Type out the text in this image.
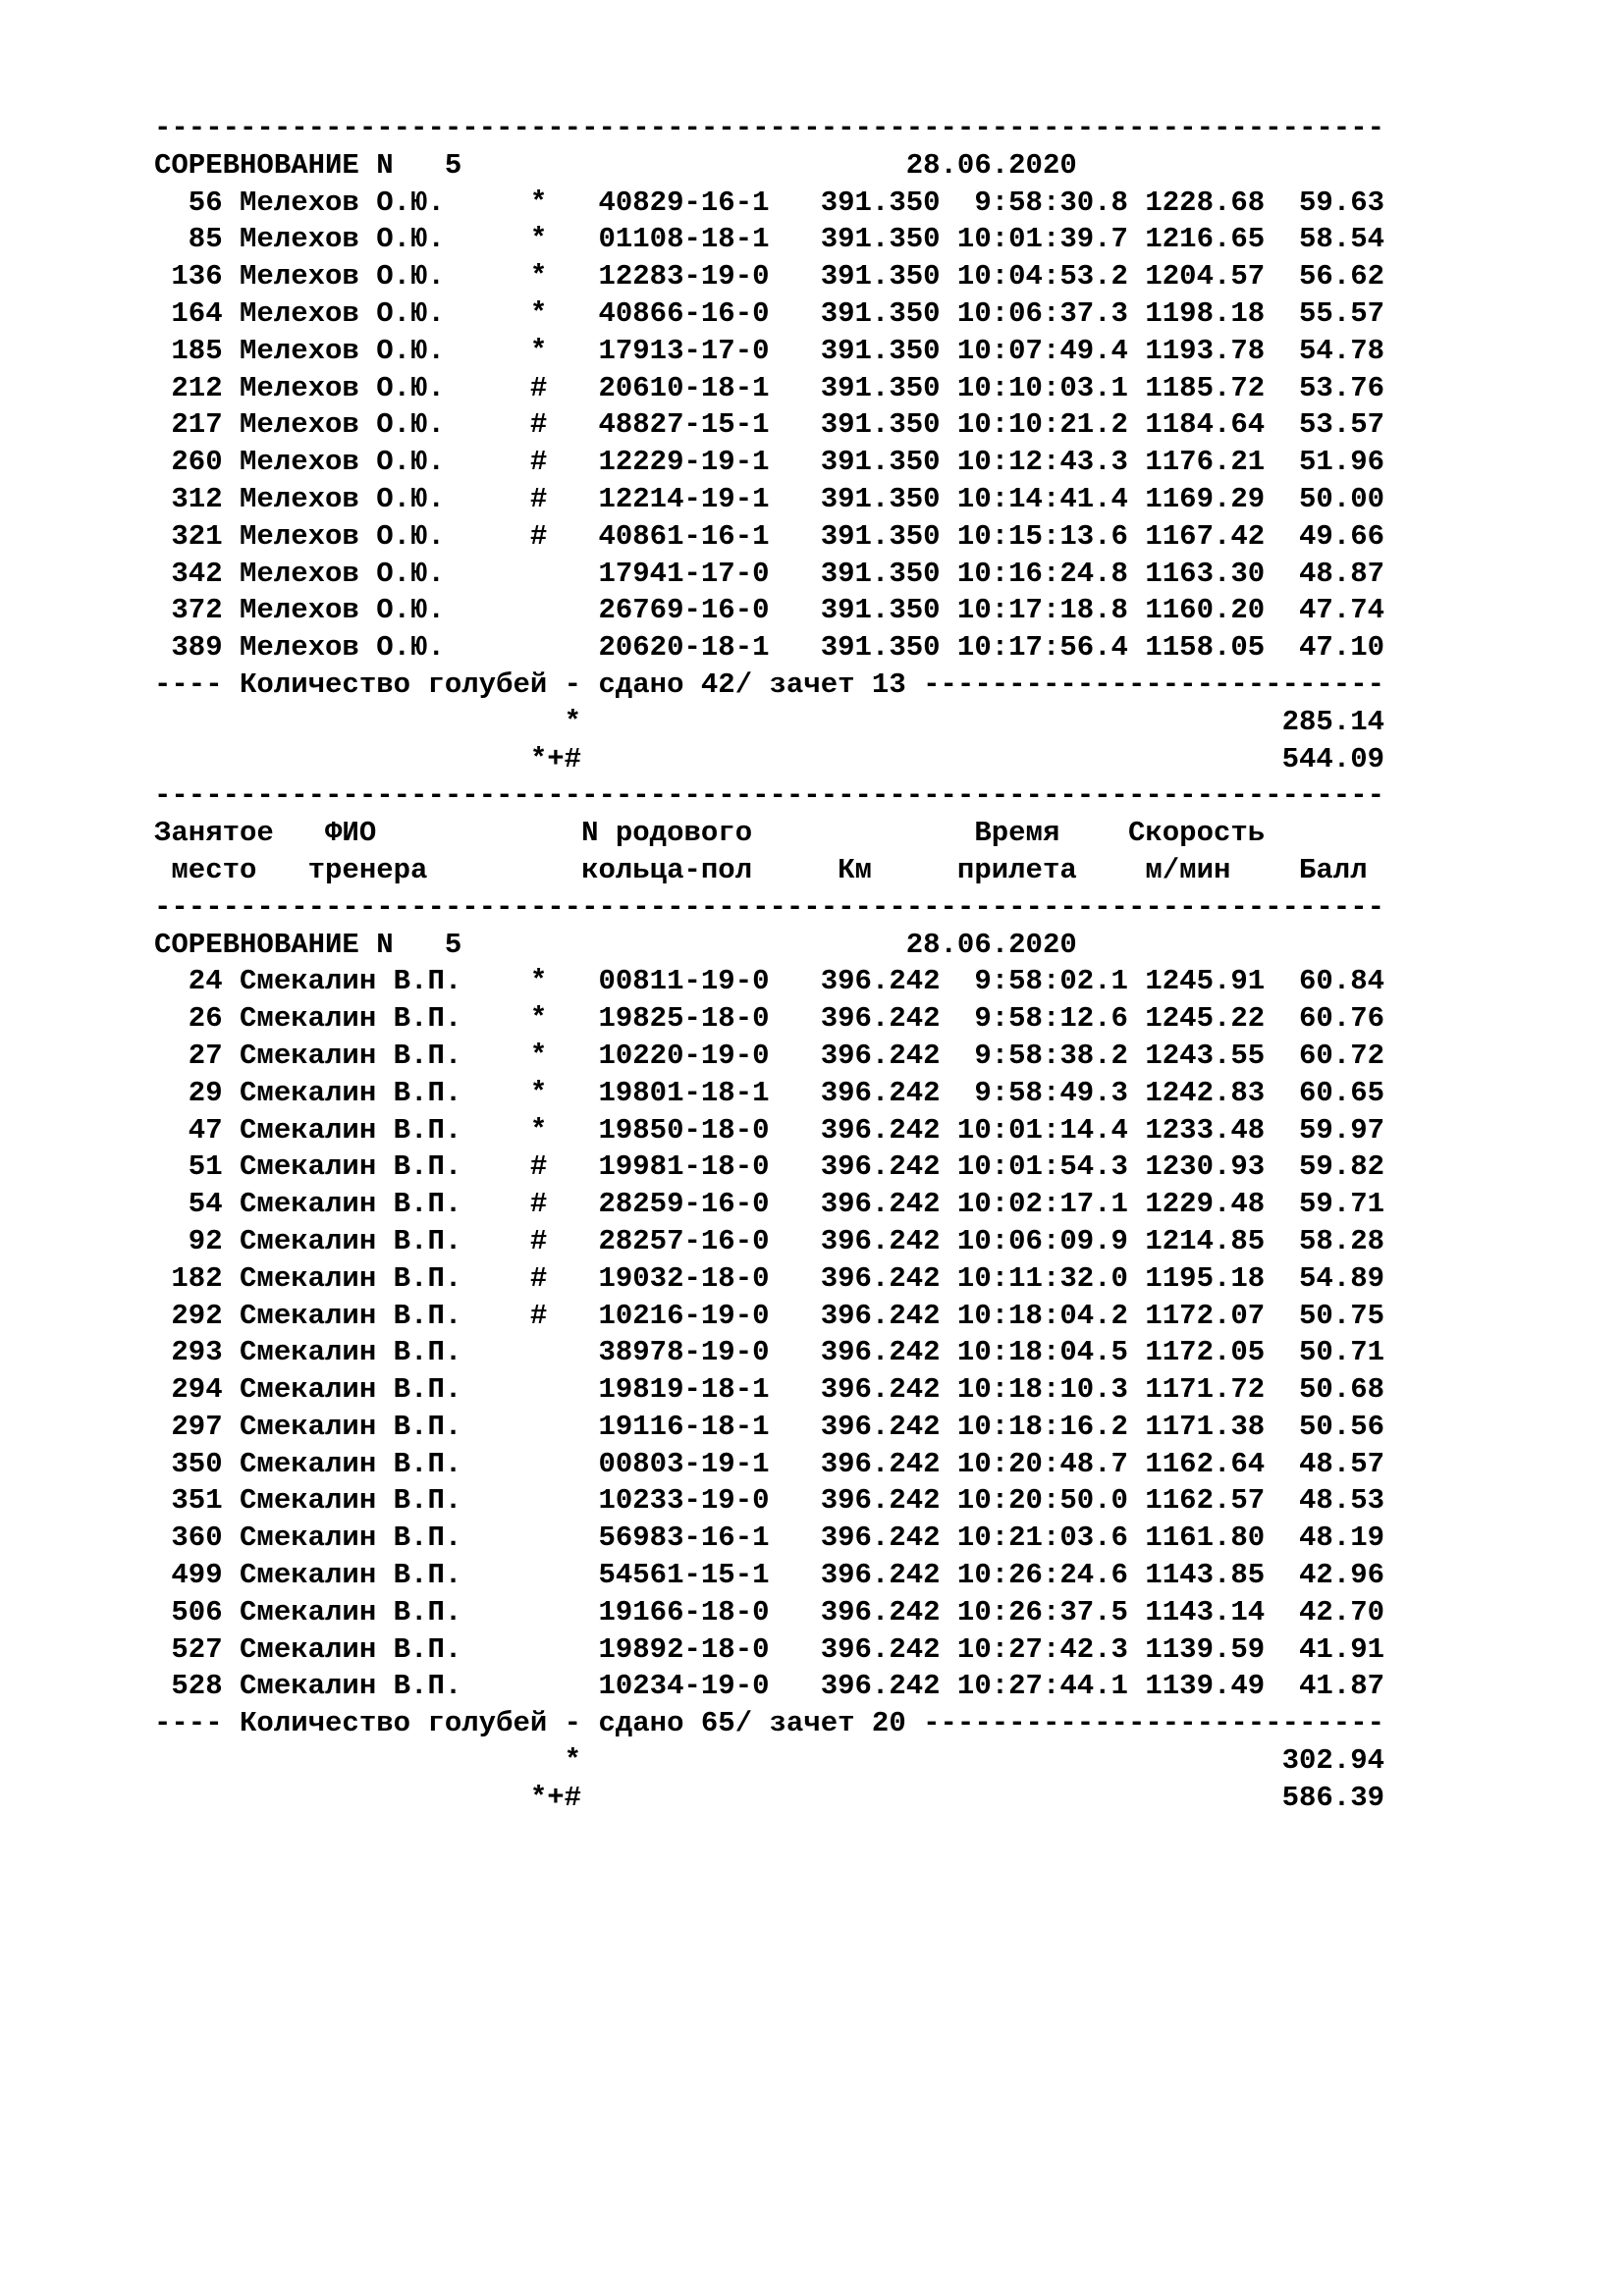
------------------------------------------------------------------------
СОРЕВНОВАНИЕ N   5                          28.06.2020
56 Мелехов О.Ю.     *   40829-16-1   391.350  9:58:30.8 1228.68  59.63
85 Мелехов О.Ю.     *   01108-18-1   391.350 10:01:39.7 1216.65  58.54
136 Мелехов О.Ю.     *   12283-19-0   391.350 10:04:53.2 1204.57  56.62
164 Мелехов О.Ю.     *   40866-16-0   391.350 10:06:37.3 1198.18  55.57
185 Мелехов О.Ю.     *   17913-17-0   391.350 10:07:49.4 1193.78  54.78
212 Мелехов О.Ю.     #   20610-18-1   391.350 10:10:03.1 1185.72  53.76
217 Мелехов О.Ю.     #   48827-15-1   391.350 10:10:21.2 1184.64  53.57
260 Мелехов О.Ю.     #   12229-19-1   391.350 10:12:43.3 1176.21  51.96
312 Мелехов О.Ю.     #   12214-19-1   391.350 10:14:41.4 1169.29  50.00
321 Мелехов О.Ю.     #   40861-16-1   391.350 10:15:13.6 1167.42  49.66
342 Мелехов О.Ю.         17941-17-0   391.350 10:16:24.8 1163.30  48.87
372 Мелехов О.Ю.         26769-16-0   391.350 10:17:18.8 1160.20  47.74
389 Мелехов О.Ю.         20620-18-1   391.350 10:17:56.4 1158.05  47.10
---- Количество голубей - сдано 42/ зачет 13 ---------------------------
*                                         285.14
*+#                                         544.09
------------------------------------------------------------------------
Занятое   ФИО            N родового             Время    Скорость
место   тренера         кольца-пол     Км     прилета    м/мин    Балл
------------------------------------------------------------------------
СОРЕВНОВАНИЕ N   5                          28.06.2020
24 Смекалин В.П.    *   00811-19-0   396.242  9:58:02.1 1245.91  60.84
26 Смекалин В.П.    *   19825-18-0   396.242  9:58:12.6 1245.22  60.76
27 Смекалин В.П.    *   10220-19-0   396.242  9:58:38.2 1243.55  60.72
29 Смекалин В.П.    *   19801-18-1   396.242  9:58:49.3 1242.83  60.65
47 Смекалин В.П.    *   19850-18-0   396.242 10:01:14.4 1233.48  59.97
51 Смекалин В.П.    #   19981-18-0   396.242 10:01:54.3 1230.93  59.82
54 Смекалин В.П.    #   28259-16-0   396.242 10:02:17.1 1229.48  59.71
92 Смекалин В.П.    #   28257-16-0   396.242 10:06:09.9 1214.85  58.28
182 Смекалин В.П.    #   19032-18-0   396.242 10:11:32.0 1195.18  54.89
292 Смекалин В.П.    #   10216-19-0   396.242 10:18:04.2 1172.07  50.75
293 Смекалин В.П.        38978-19-0   396.242 10:18:04.5 1172.05  50.71
294 Смекалин В.П.        19819-18-1   396.242 10:18:10.3 1171.72  50.68
297 Смекалин В.П.        19116-18-1   396.242 10:18:16.2 1171.38  50.56
350 Смекалин В.П.        00803-19-1   396.242 10:20:48.7 1162.64  48.57
351 Смекалин В.П.        10233-19-0   396.242 10:20:50.0 1162.57  48.53
360 Смекалин В.П.        56983-16-1   396.242 10:21:03.6 1161.80  48.19
499 Смекалин В.П.        54561-15-1   396.242 10:26:24.6 1143.85  42.96
506 Смекалин В.П.        19166-18-0   396.242 10:26:37.5 1143.14  42.70
527 Смекалин В.П.        19892-18-0   396.242 10:27:42.3 1139.59  41.91
528 Смекалин В.П.        10234-19-0   396.242 10:27:44.1 1139.49  41.87
---- Количество голубей - сдано 65/ зачет 20 ---------------------------
*                                         302.94
*+#                                         586.39
